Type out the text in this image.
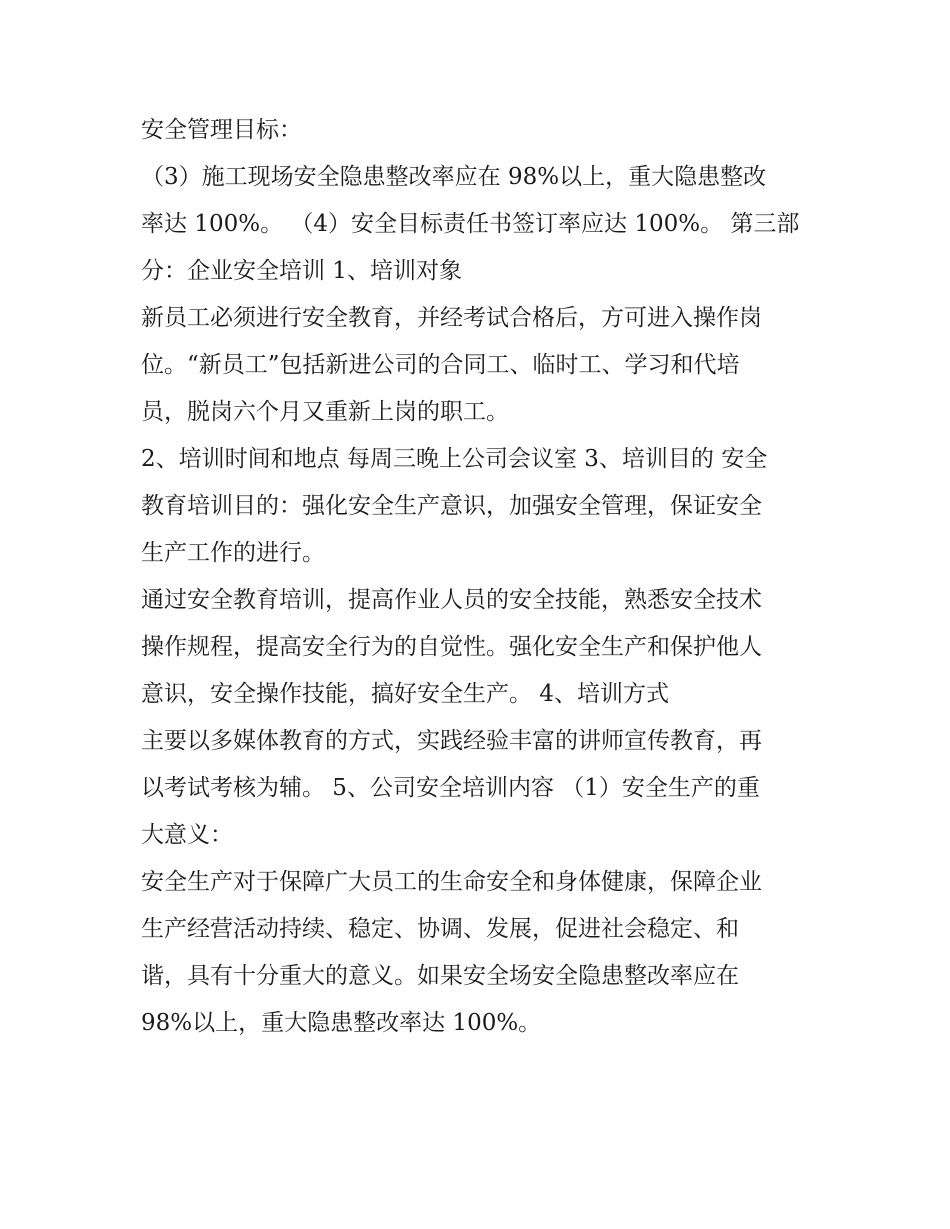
安全管理目标：
（3）施工现场安全隐患整改率应在 98%以上，重大隐患整改
率达 100%。 （4）安全目标责任书签订率应达 100%。 第三部
分：企业安全培训 1、培训对象
新员工必须进行安全教育，并经考试合格后，方可进入操作岗
位。“新员工”包括新进公司的合同工、临时工、学习和代培
员，脱岗六个月又重新上岗的职工。
2、培训时间和地点 每周三晚上公司会议室 3、培训目的 安全
教育培训目的：强化安全生产意识，加强安全管理，保证安全
生产工作的进行。
通过安全教育培训，提高作业人员的安全技能，熟悉安全技术
操作规程，提高安全行为的自觉性。强化安全生产和保护他人
意识，安全操作技能，搞好安全生产。 4、培训方式
主要以多媒体教育的方式，实践经验丰富的讲师宣传教育，再
以考试考核为辅。 5、公司安全培训内容 （1）安全生产的重
大意义：
安全生产对于保障广大员工的生命安全和身体健康，保障企业
生产经营活动持续、稳定、协调、发展，促进社会稳定、和
谐，具有十分重大的意义。如果安全场安全隐患整改率应在
98%以上，重大隐患整改率达 100%。
